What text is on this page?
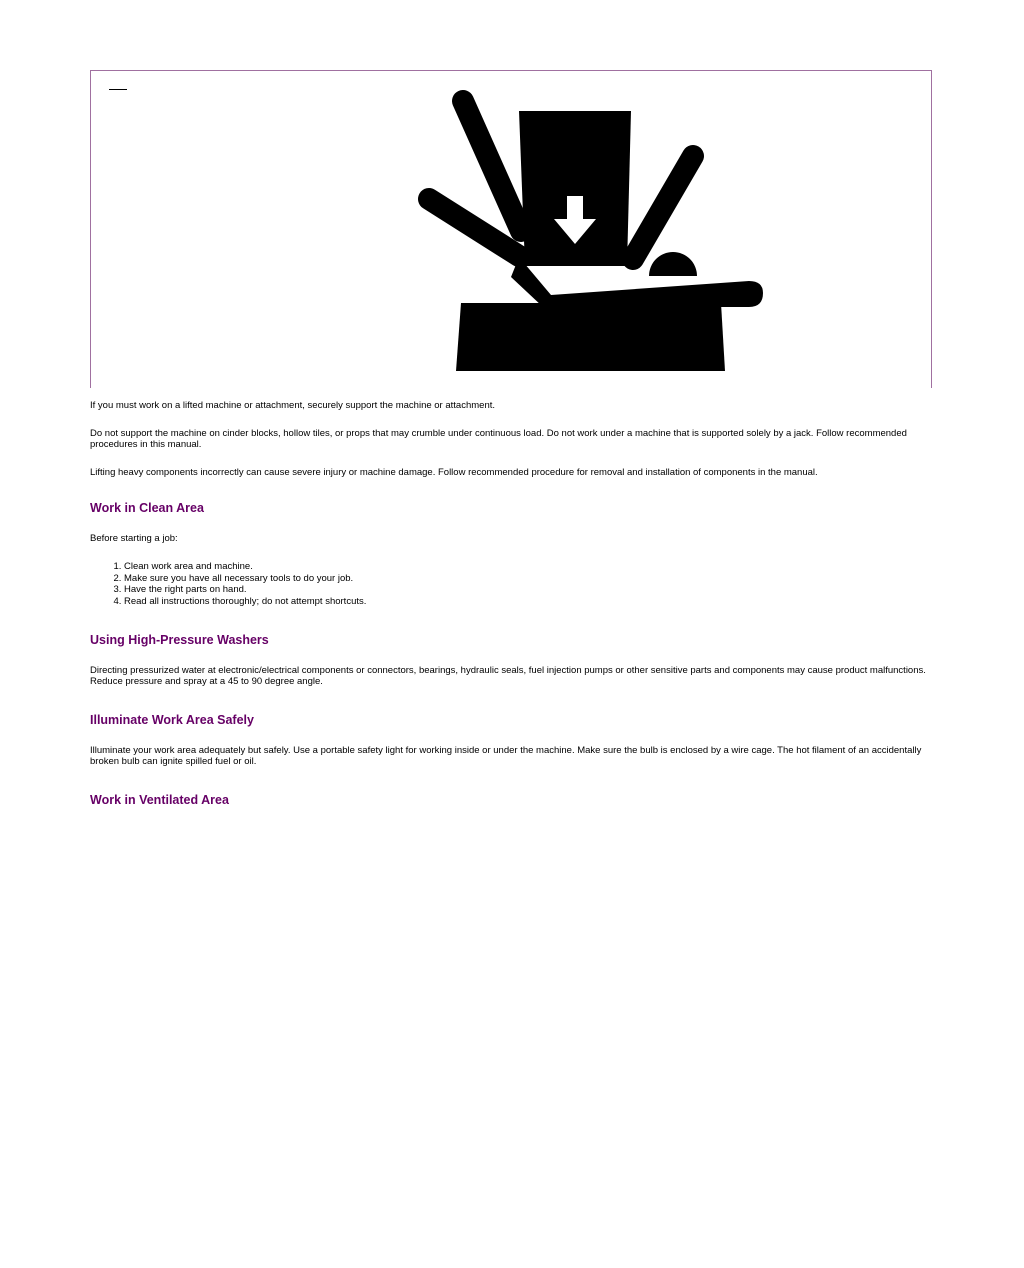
If you must work on a lifted machine or attachment, securely support the machine or attachment.

Do not support the machine on cinder blocks, hollow tiles, or props that may crumble under continuous load. Do not work under a machine that is supported solely by a jack. Follow recommended procedures in this manual.

Lifting heavy components incorrectly can cause severe injury or machine damage. Follow recommended procedure for removal and installation of components in the manual.

Work in Clean Area

Before starting a job:

1. Clean work area and machine.
2. Make sure you have all necessary tools to do your job.
3. Have the right parts on hand.
4. Read all instructions thoroughly; do not attempt shortcuts.
Using High-Pressure Washers

Directing pressurized water at electronic/electrical components or connectors, bearings, hydraulic seals, fuel injection pumps or other sensitive parts and components may cause product malfunctions. Reduce pressure and spray at a 45 to 90 degree angle.

Illuminate Work Area Safely

Illuminate your work area adequately but safely. Use a portable safety light for working inside or under the machine. Make sure the bulb is enclosed by a wire cage. The hot filament of an accidentally broken bulb can ignite spilled fuel or oil.

Work in Ventilated Area
